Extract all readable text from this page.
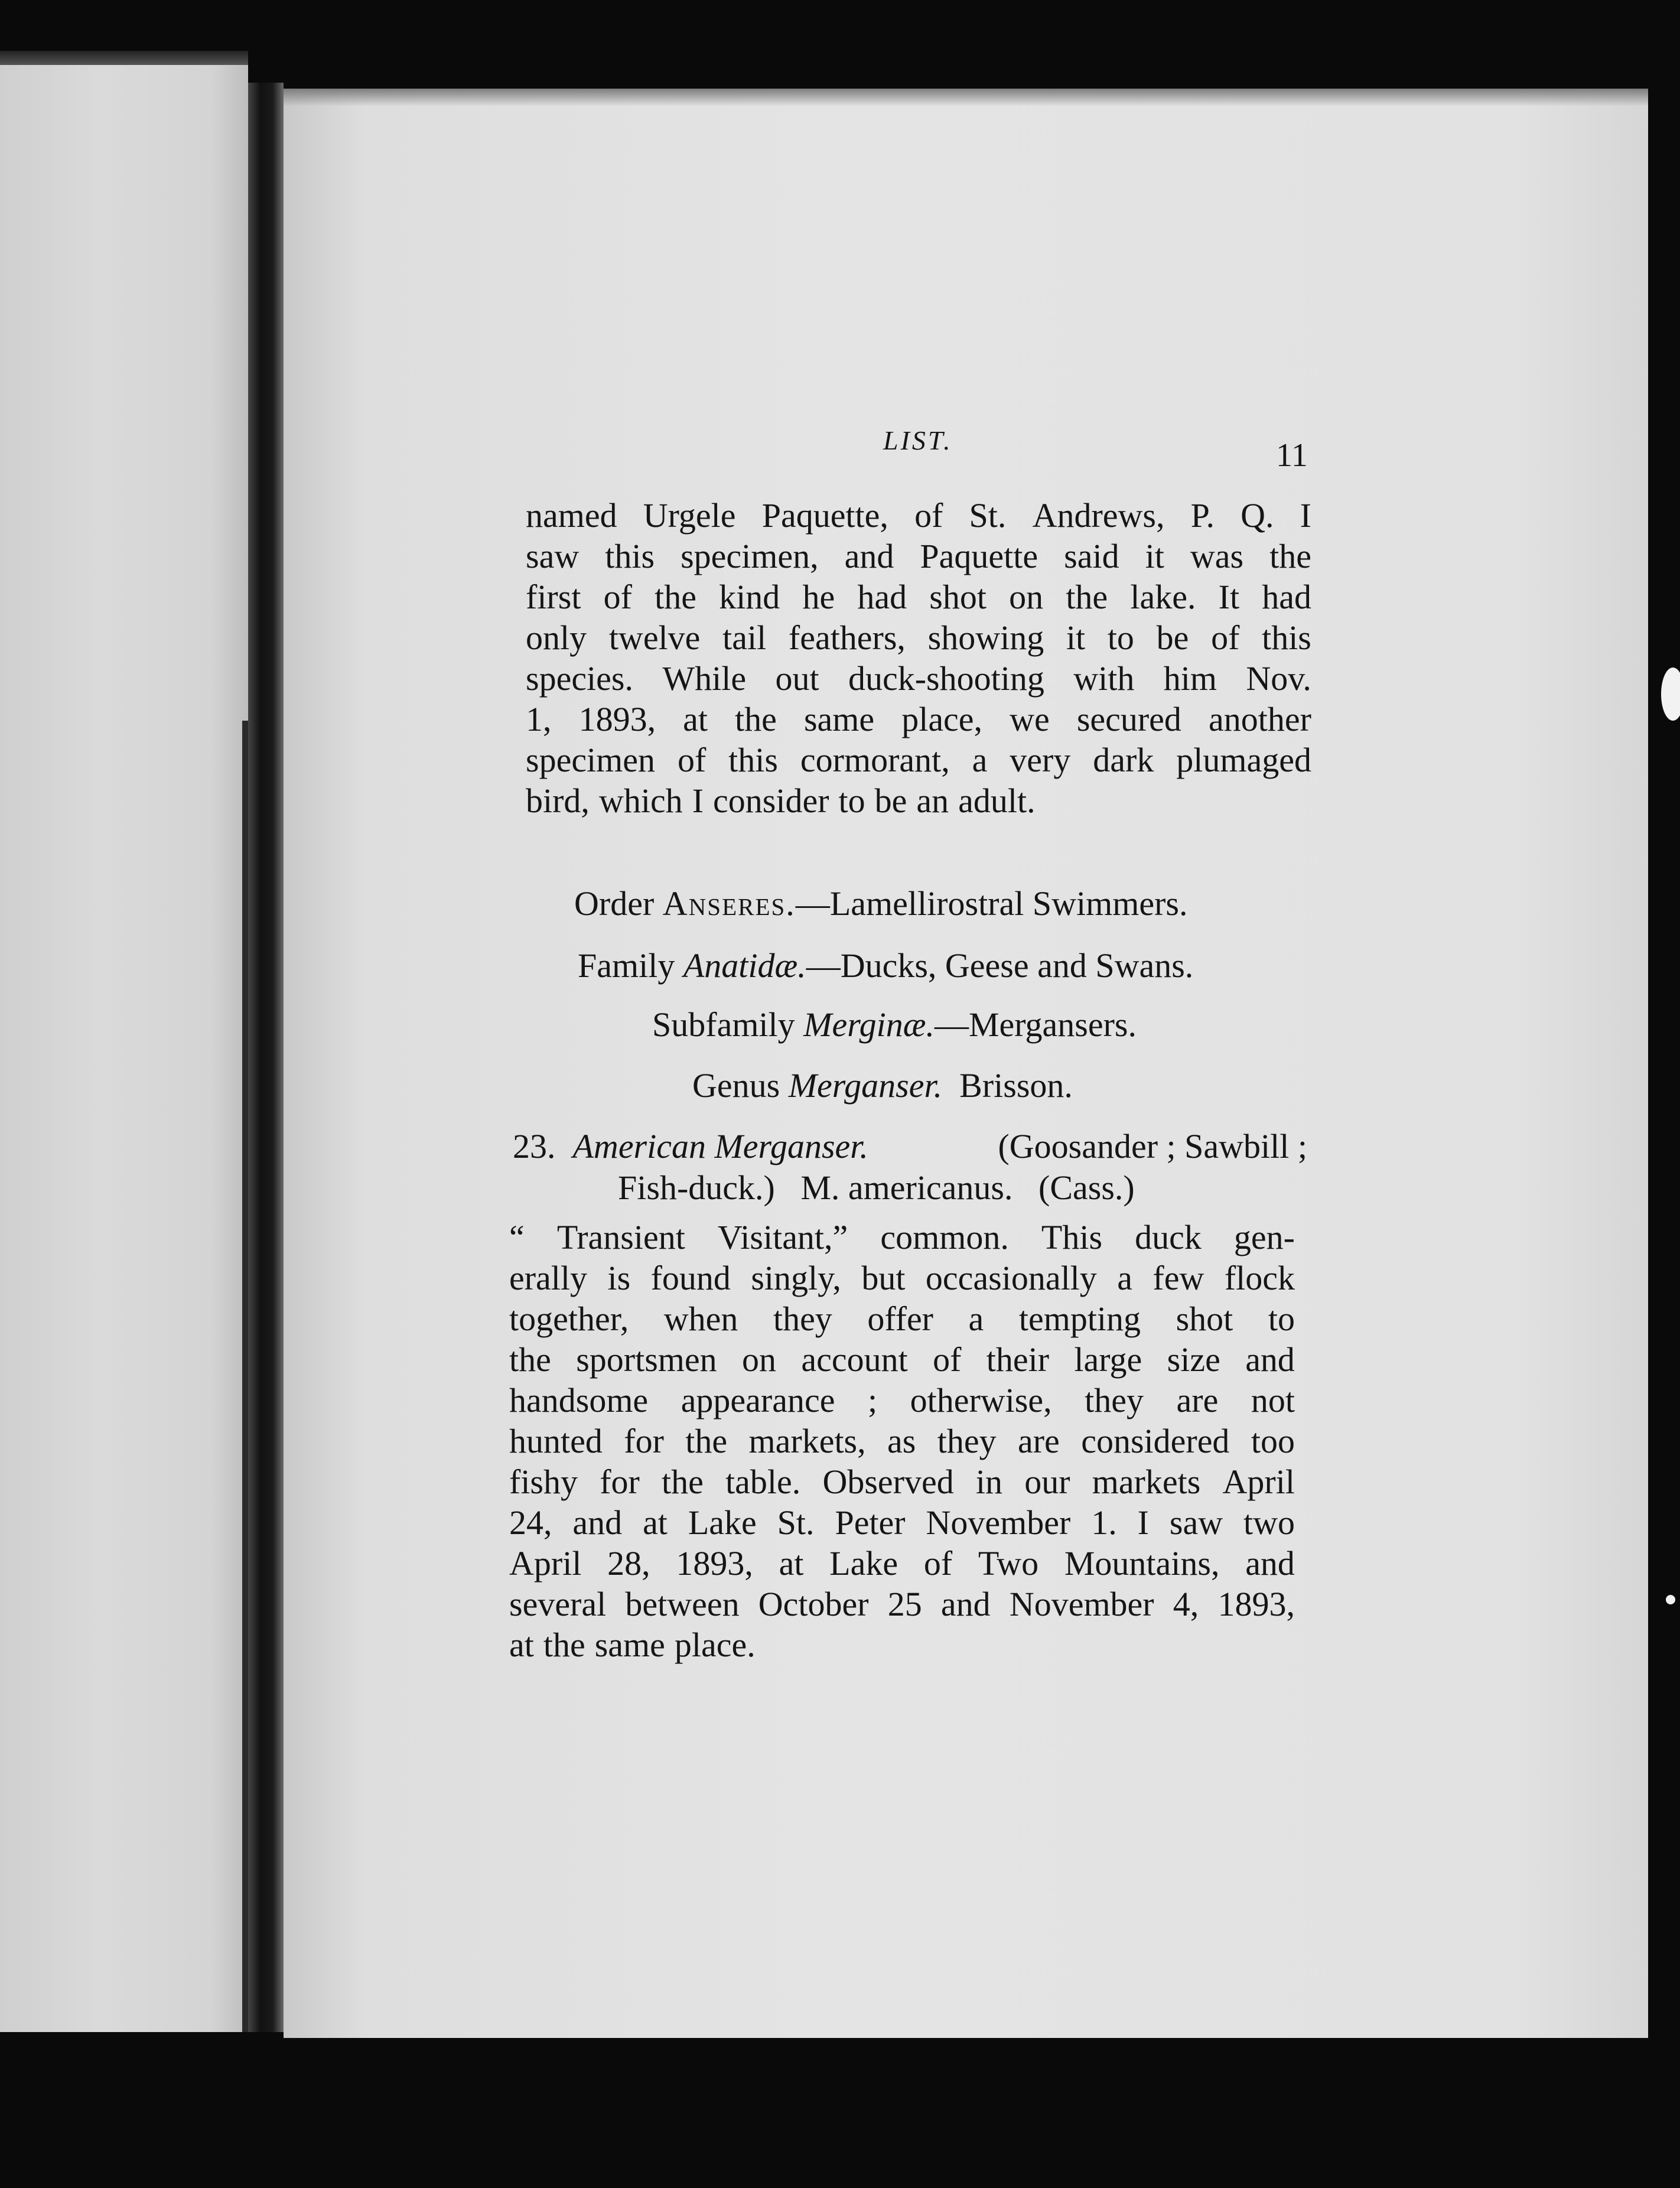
LIST.	11
named Urgele Paquette, of St. Andrews, P. Q. I
saw this specimen, and Paquette said it was the
first of the kind he had shot on the lake. It had
only twelve tail feathers, showing it to be of this
species. While out duck-shooting with him Nov.
1, 1893, at the same place, we secured another
specimen of this cormorant, a very dark plumaged
bird, which I consider to be an adult.
Order Anseres.—Lamellirostral Swimmers.
Family Anatidæ.—Ducks, Geese and Swans.
Subfamily Merginæ.—Mergansers.
Genus Merganser. Brisson.
23. American Merganser.	(Goosander ; Sawbill ;
Fish-duck.) M. americanus. (Cass.)
“ Transient Visitant,” common. This duck gen-
erally is found singly, but occasionally a few flock
together, when they offer a tempting shot to
the sportsmen on account of their large size and
handsome appearance ; otherwise, they are not
hunted for the markets, as they are considered too
fishy for the table. Observed in our markets April
24, and at Lake St. Peter November 1. I saw two
April 28, 1893, at Lake of Two Mountains, and
several between October 25 and November 4, 1893,
at the same place.
